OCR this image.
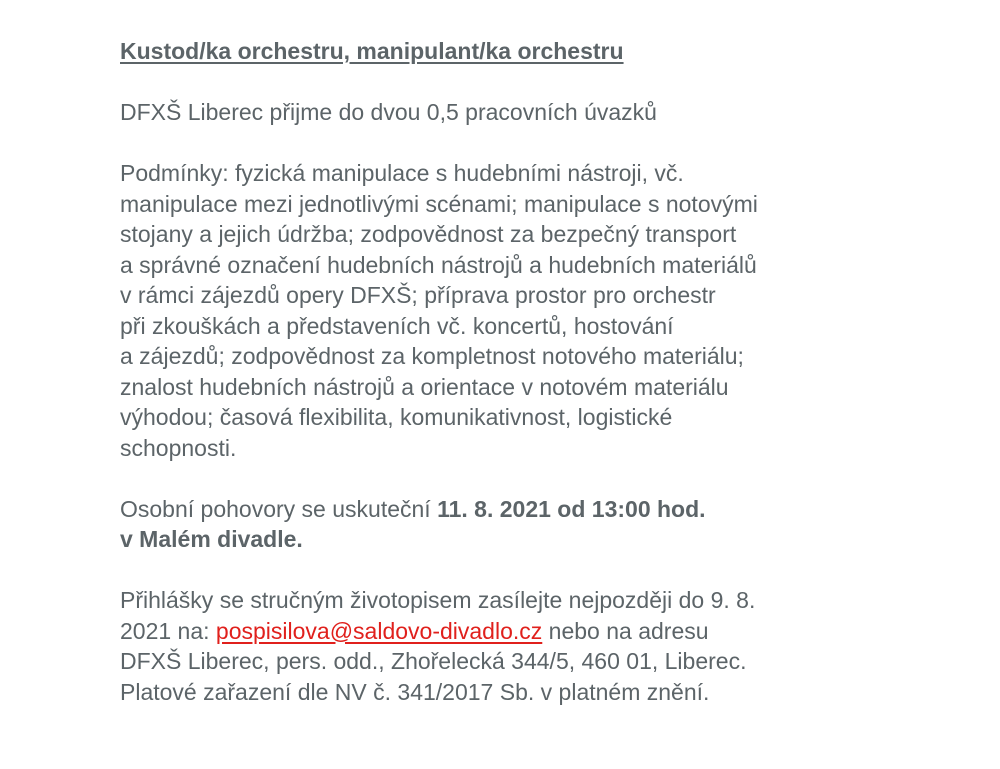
Kustod/ka orchestru, manipulant/ka orchestru

DFXŠ Liberec přijme do dvou 0,5 pracovních úvazků

Podmínky: fyzická manipulace s hudebními nástroji, vč.
manipulace mezi jednotlivými scénami; manipulace s notovými
stojany a jejich údržba; zodpovědnost za bezpečný transport
a správné označení hudebních nástrojů a hudebních materiálů
v rámci zájezdů opery DFXŠ; příprava prostor pro orchestr
při zkouškách a představeních vč. koncertů, hostování
a zájezdů; zodpovědnost za kompletnost notového materiálu;
znalost hudebních nástrojů a orientace v notovém materiálu
výhodou; časová flexibilita, komunikativnost, logistické
schopnosti.

Osobní pohovory se uskuteční 11. 8. 2021 od 13:00 hod.
v Malém divadle.

Přihlášky se stručným životopisem zasílejte nejpozději do 9. 8.
2021 na: pospisilova@saldovo-divadlo.cz nebo na adresu
DFXŠ Liberec, pers. odd., Zhořelecká 344/5, 460 01, Liberec.
Platové zařazení dle NV č. 341/2017 Sb. v platném znění.
